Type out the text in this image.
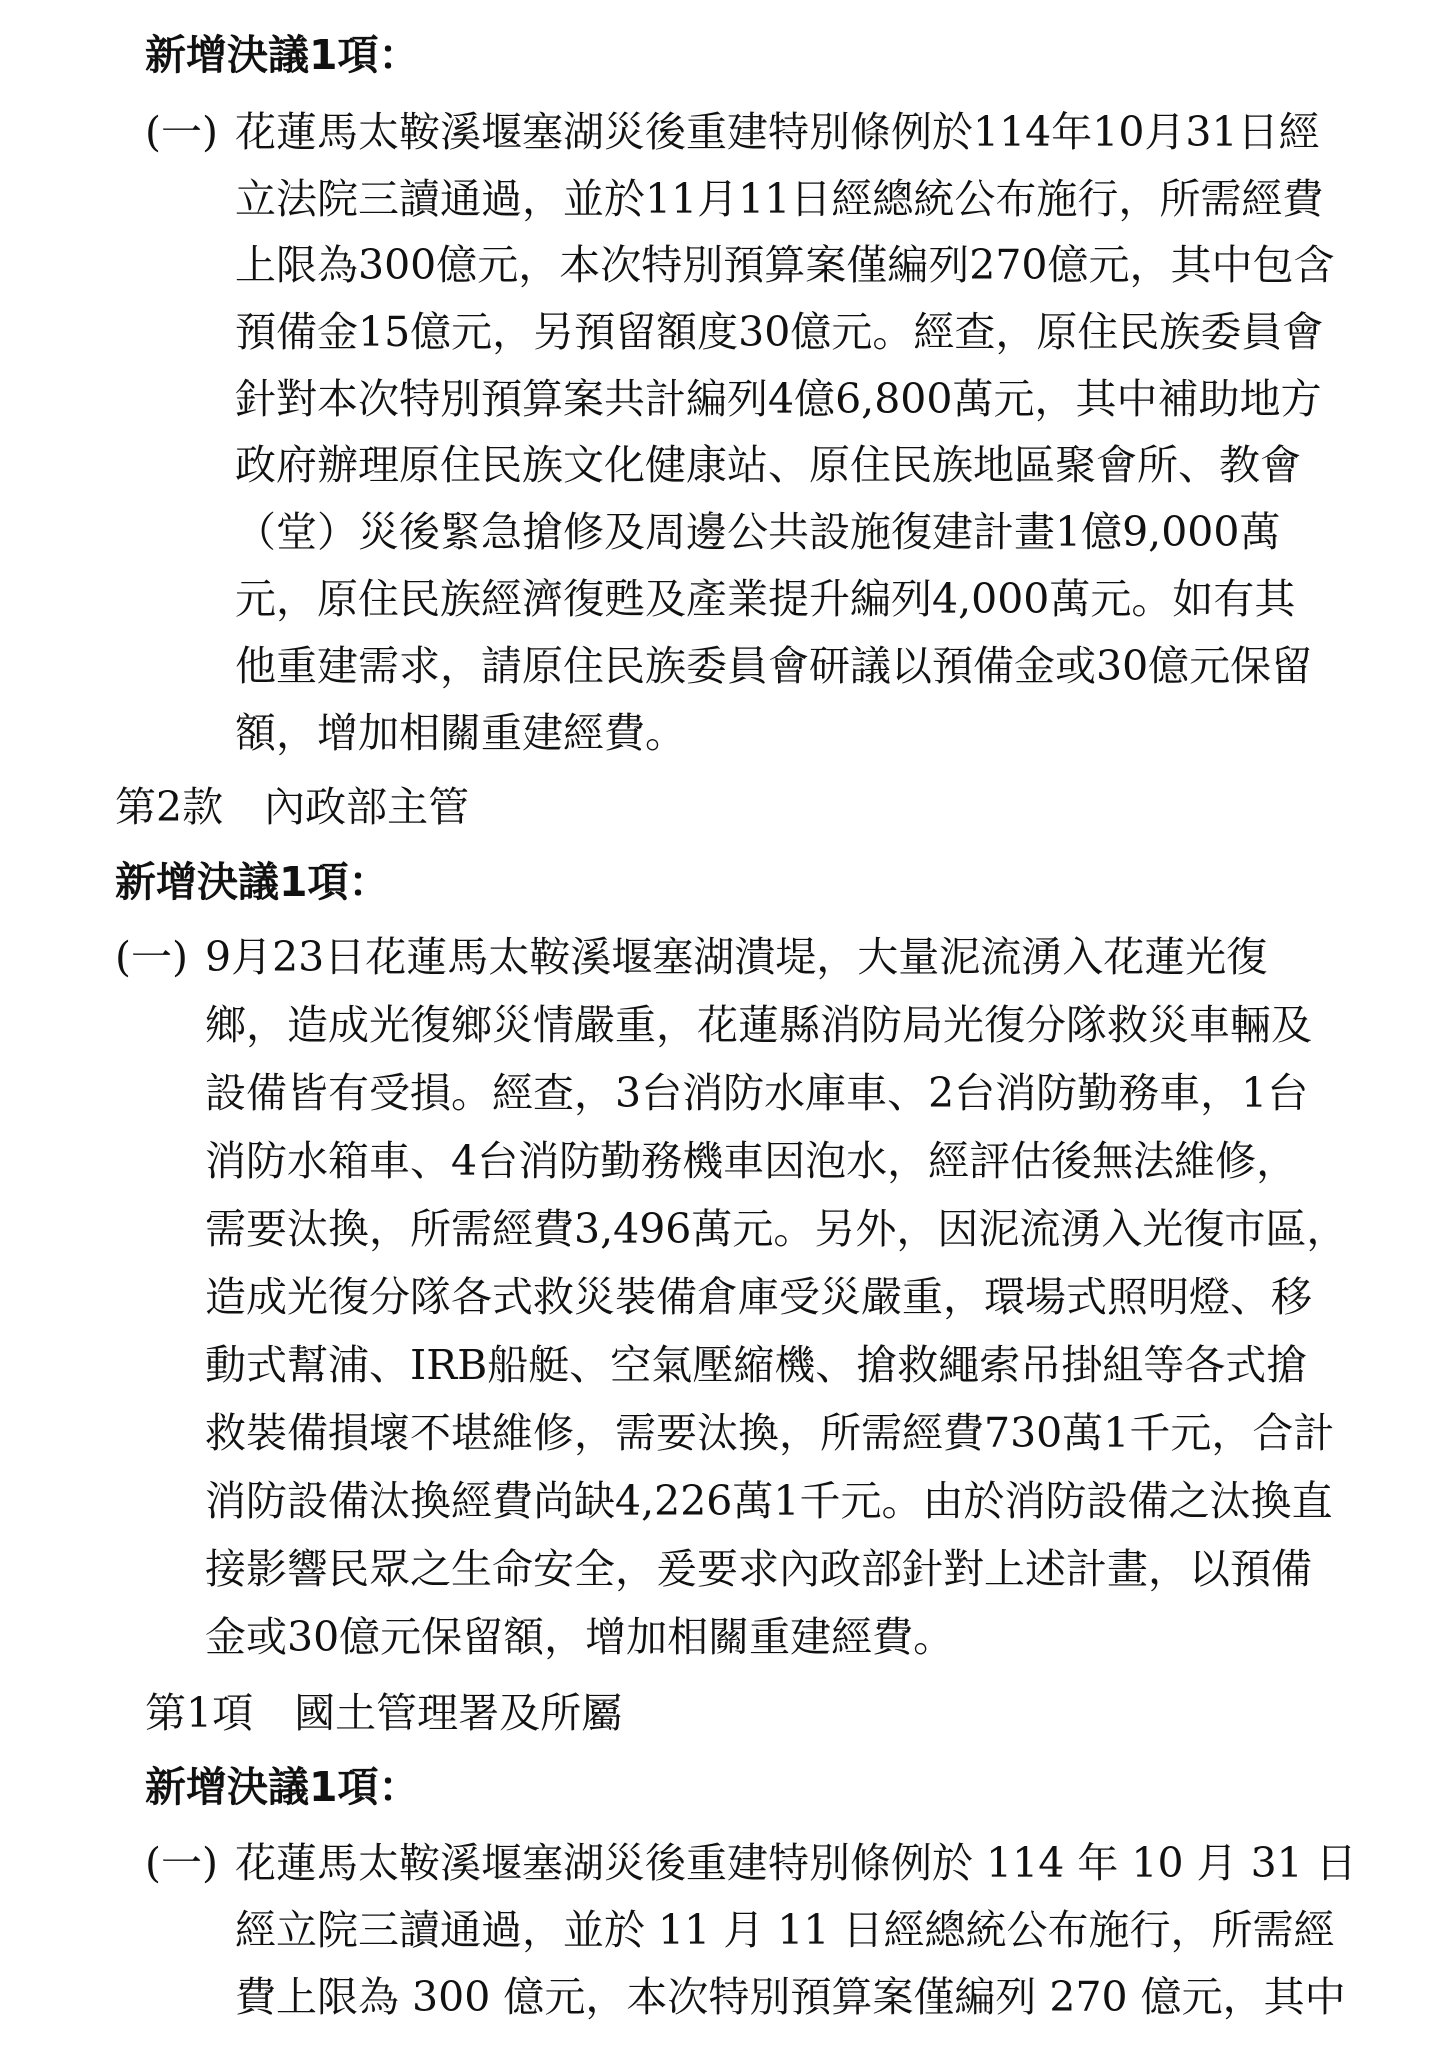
新增決議1項：
(一) 花蓮馬太鞍溪堰塞湖災後重建特別條例於114年10月31日經
立法院三讀通過，並於11月11日經總統公布施行，所需經費
上限為300億元，本次特別預算案僅編列270億元，其中包含
預備金15億元，另預留額度30億元。經查，原住民族委員會
針對本次特別預算案共計編列4億6,800萬元，其中補助地方
政府辦理原住民族文化健康站、原住民族地區聚會所、教會
（堂）災後緊急搶修及周邊公共設施復建計畫1億9,000萬
元，原住民族經濟復甦及產業提升編列4,000萬元。如有其
他重建需求，請原住民族委員會研議以預備金或30億元保留
額，增加相關重建經費。
第2款　內政部主管
新增決議1項：
(一) 9月23日花蓮馬太鞍溪堰塞湖潰堤，大量泥流湧入花蓮光復
鄉，造成光復鄉災情嚴重，花蓮縣消防局光復分隊救災車輛及
設備皆有受損。經查，3台消防水庫車、2台消防勤務車，1台
消防水箱車、4台消防勤務機車因泡水，經評估後無法維修，
需要汰換，所需經費3,496萬元。另外，因泥流湧入光復市區，
造成光復分隊各式救災裝備倉庫受災嚴重，環場式照明燈、移
動式幫浦、IRB船艇、空氣壓縮機、搶救繩索吊掛組等各式搶
救裝備損壞不堪維修，需要汰換，所需經費730萬1千元，合計
消防設備汰換經費尚缺4,226萬1千元。由於消防設備之汰換直
接影響民眾之生命安全，爰要求內政部針對上述計畫，以預備
金或30億元保留額，增加相關重建經費。
第1項　國土管理署及所屬
新增決議1項：
(一) 花蓮馬太鞍溪堰塞湖災後重建特別條例於 114 年 10 月 31 日
經立院三讀通過，並於 11 月 11 日經總統公布施行，所需經
費上限為 300 億元，本次特別預算案僅編列 270 億元，其中
